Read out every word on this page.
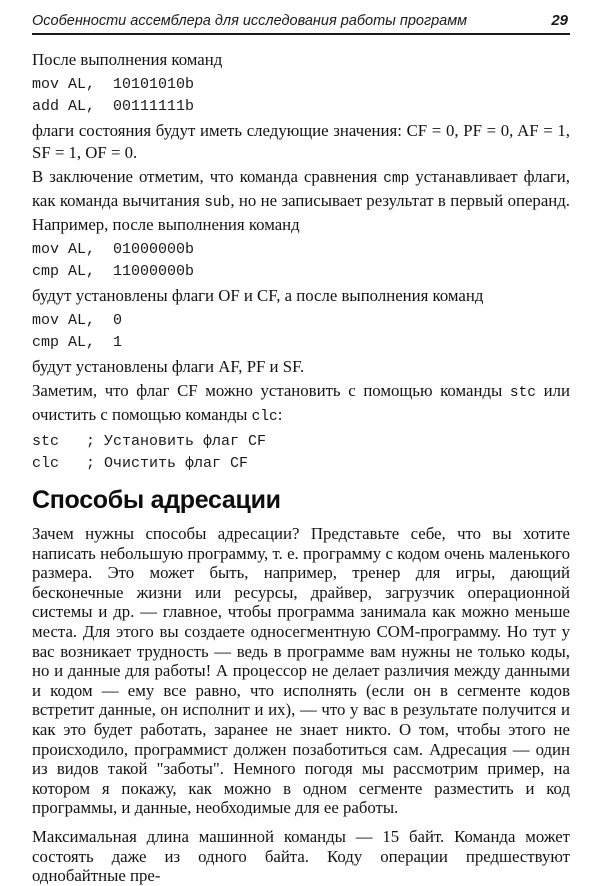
Особенности ассемблера для исследования работы программ	29

После выполнения команд

mov AL,  10101010b
add AL,  00111111b

флаги состояния будут иметь следующие значения: CF = 0, PF = 0, AF = 1, SF = 1, OF = 0.

В заключение отметим, что команда сравнения cmp устанавливает флаги, как команда вычитания sub, но не записывает результат в первый операнд. Например, после выполнения команд

mov AL,  01000000b
cmp AL,  11000000b

будут установлены флаги OF и CF, а после выполнения команд

mov AL,  0
cmp AL,  1

будут установлены флаги AF, PF и SF.

Заметим, что флаг CF можно установить с помощью команды stc или очистить с помощью команды clc:

stc   ; Установить флаг CF
clc   ; Очистить флаг CF
Способы адресации

Зачем нужны способы адресации? Представьте себе, что вы хотите написать небольшую программу, т. е. программу с кодом очень маленького размера. Это может быть, например, тренер для игры, дающий бесконечные жизни или ресурсы, драйвер, загрузчик операционной системы и др. — главное, чтобы программа занимала как можно меньше места. Для этого вы создаете односегментную COM-программу. Но тут у вас возникает трудность — ведь в программе вам нужны не только коды, но и данные для работы! А процессор не делает различия между данными и кодом — ему все равно, что исполнять (если он в сегменте кодов встретит данные, он исполнит и их), — что у вас в результате получится и как это будет работать, заранее не знает никто. О том, чтобы этого не происходило, программист должен позаботиться сам. Адресация — один из видов такой "заботы". Немного погодя мы рассмотрим пример, на котором я покажу, как можно в одном сегменте разместить и код программы, и данные, необходимые для ее работы.

Максимальная длина машинной команды — 15 байт. Команда может состоять даже из одного байта. Коду операции предшествуют однобайтные пре-
